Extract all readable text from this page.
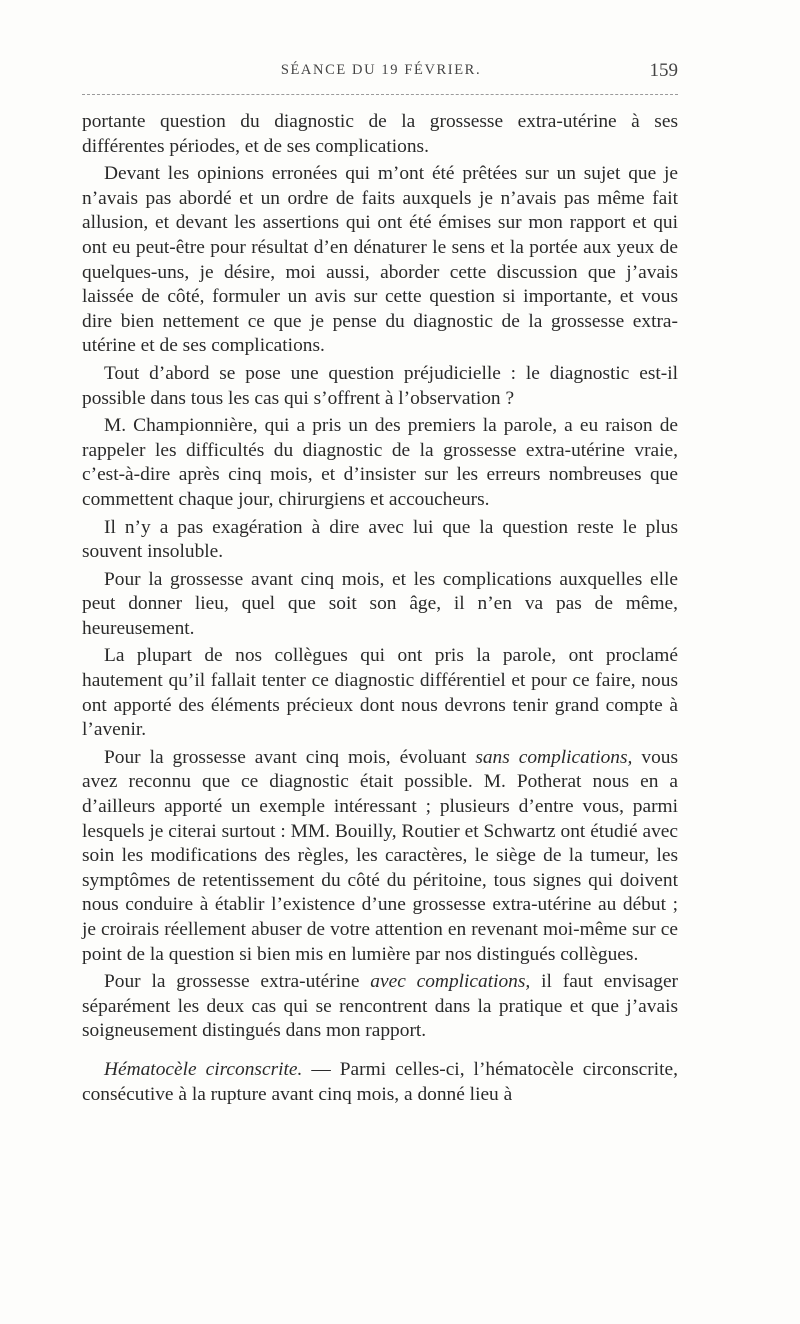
SÉANCE DU 19 FÉVRIER.	159

portante question du diagnostic de la grossesse extra-utérine à ses différentes périodes, et de ses complications.

Devant les opinions erronées qui m’ont été prêtées sur un sujet que je n’avais pas abordé et un ordre de faits auxquels je n’avais pas même fait allusion, et devant les assertions qui ont été émises sur mon rapport et qui ont eu peut-être pour résultat d’en dénaturer le sens et la portée aux yeux de quelques-uns, je désire, moi aussi, aborder cette discussion que j’avais laissée de côté, formuler un avis sur cette question si importante, et vous dire bien nettement ce que je pense du diagnostic de la grossesse extra-utérine et de ses complications.

Tout d’abord se pose une question préjudicielle : le diagnostic est-il possible dans tous les cas qui s’offrent à l’observation ?

M. Championnière, qui a pris un des premiers la parole, a eu raison de rappeler les difficultés du diagnostic de la grossesse extra-utérine vraie, c’est-à-dire après cinq mois, et d’insister sur les erreurs nombreuses que commettent chaque jour, chirurgiens et accoucheurs.

Il n’y a pas exagération à dire avec lui que la question reste le plus souvent insoluble.

Pour la grossesse avant cinq mois, et les complications auxquelles elle peut donner lieu, quel que soit son âge, il n’en va pas de même, heureusement.

La plupart de nos collègues qui ont pris la parole, ont proclamé hautement qu’il fallait tenter ce diagnostic différentiel et pour ce faire, nous ont apporté des éléments précieux dont nous devrons tenir grand compte à l’avenir.

Pour la grossesse avant cinq mois, évoluant sans complications, vous avez reconnu que ce diagnostic était possible. M. Potherat nous en a d’ailleurs apporté un exemple intéressant ; plusieurs d’entre vous, parmi lesquels je citerai surtout : MM. Bouilly, Routier et Schwartz ont étudié avec soin les modifications des règles, les caractères, le siège de la tumeur, les symptômes de retentissement du côté du péritoine, tous signes qui doivent nous conduire à établir l’existence d’une grossesse extra-utérine au début ; je croirais réellement abuser de votre attention en revenant moi-même sur ce point de la question si bien mis en lumière par nos distingués collègues.

Pour la grossesse extra-utérine avec complications, il faut envisager séparément les deux cas qui se rencontrent dans la pratique et que j’avais soigneusement distingués dans mon rapport.

Hématocèle circonscrite. — Parmi celles-ci, l’hématocèle circonscrite, consécutive à la rupture avant cinq mois, a donné lieu à
